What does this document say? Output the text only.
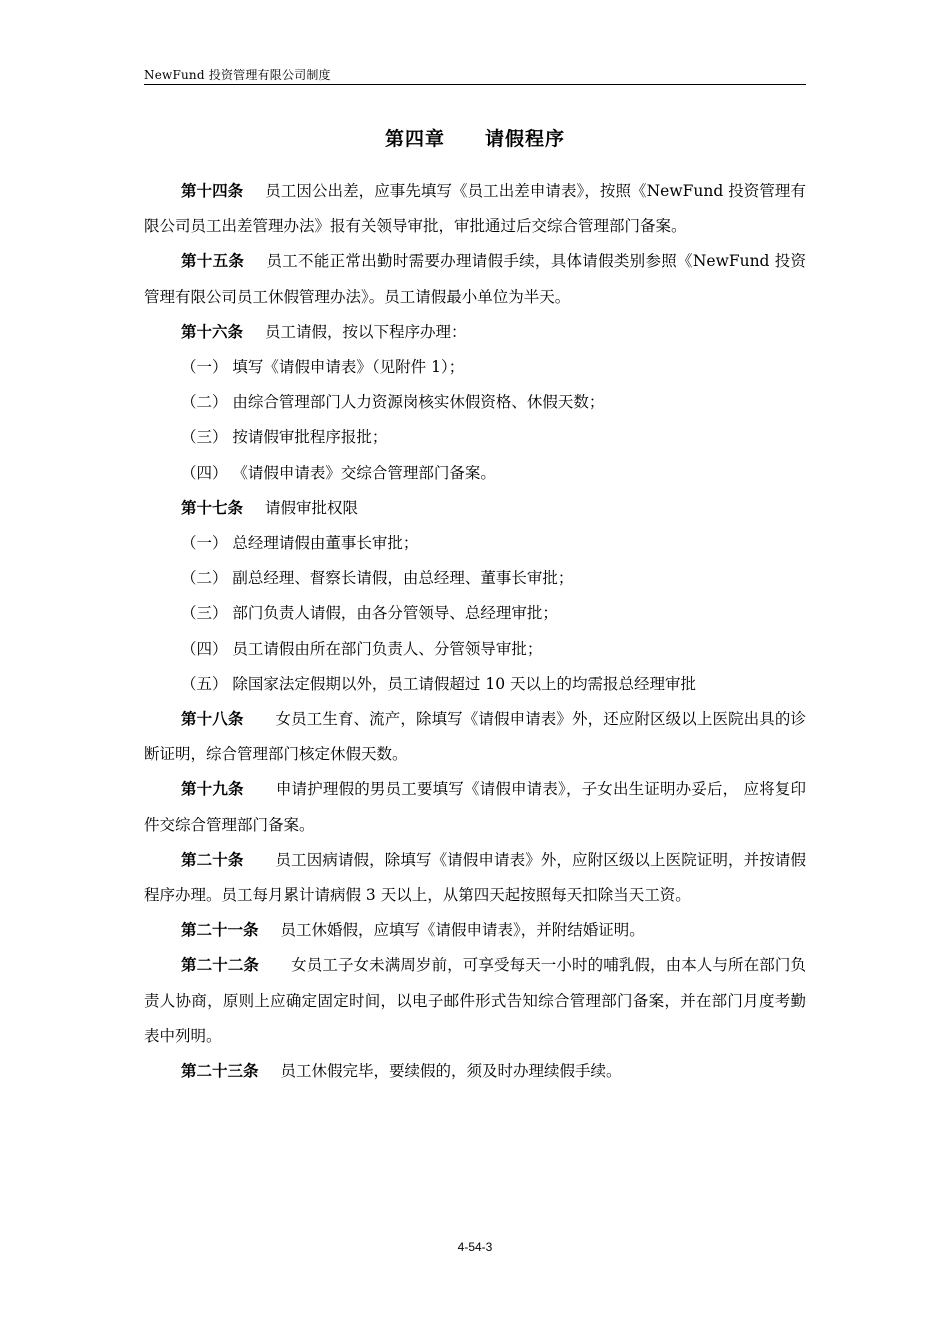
NewFund 投资管理有限公司制度
第四章 请假程序

第十四条 员工因公出差，应事先填写《员工出差申请表》，按照《NewFund 投资管理有限公司员工出差管理办法》报有关领导审批，审批通过后交综合管理部门备案。

第十五条 员工不能正常出勤时需要办理请假手续，具体请假类别参照《NewFund 投资管理有限公司员工休假管理办法》。员工请假最小单位为半天。

第十六条 员工请假，按以下程序办理：

（一） 填写《请假申请表》（见附件 1）；

（二） 由综合管理部门人力资源岗核实休假资格、休假天数；

（三） 按请假审批程序报批；

（四） 《请假申请表》交综合管理部门备案。

第十七条 请假审批权限

（一） 总经理请假由董事长审批；

（二） 副总经理、督察长请假，由总经理、董事长审批；

（三） 部门负责人请假，由各分管领导、总经理审批；

（四） 员工请假由所在部门负责人、分管领导审批；

（五） 除国家法定假期以外，员工请假超过 10 天以上的均需报总经理审批

第十八条 女员工生育、流产，除填写《请假申请表》外，还应附区级以上医院出具的诊断证明，综合管理部门核定休假天数。

第十九条 申请护理假的男员工要填写《请假申请表》，子女出生证明办妥后， 应将复印件交综合管理部门备案。

第二十条 员工因病请假，除填写《请假申请表》外，应附区级以上医院证明，并按请假程序办理。员工每月累计请病假 3 天以上，从第四天起按照每天扣除当天工资。

第二十一条 员工休婚假，应填写《请假申请表》，并附结婚证明。

第二十二条 女员工子女未满周岁前，可享受每天一小时的哺乳假，由本人与所在部门负责人协商，原则上应确定固定时间，以电子邮件形式告知综合管理部门备案，并在部门月度考勤表中列明。

第二十三条 员工休假完毕，要续假的，须及时办理续假手续。

4-54-3
